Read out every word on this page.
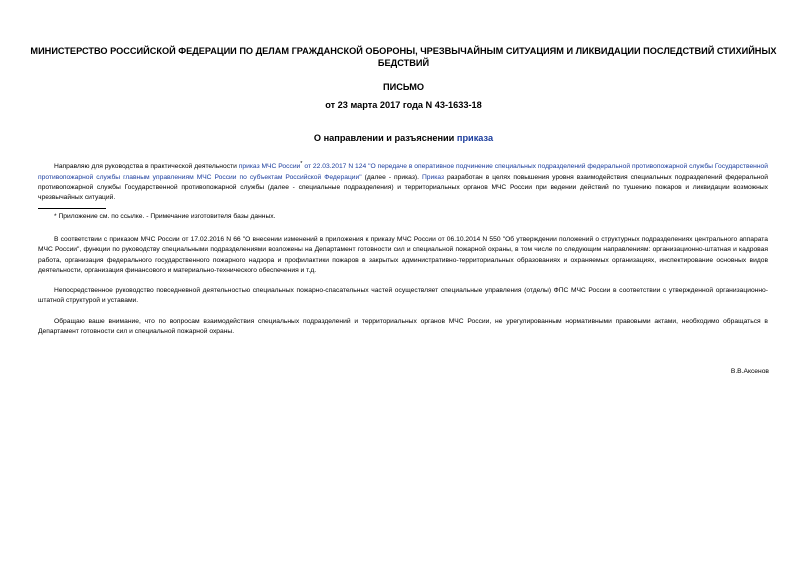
МИНИСТЕРСТВО РОССИЙСКОЙ ФЕДЕРАЦИИ ПО ДЕЛАМ ГРАЖДАНСКОЙ ОБОРОНЫ, ЧРЕЗВЫЧАЙНЫМ СИТУАЦИЯМ И ЛИКВИДАЦИИ ПОСЛЕДСТВИЙ СТИХИЙНЫХ БЕДСТВИЙ
ПИСЬМО
от 23 марта 2017 года N 43-1633-18
О направлении и разъяснении приказа

Направляю для руководства в практической деятельности приказ МЧС России* от 22.03.2017 N 124 "О передаче в оперативное подчинение специальных подразделений федеральной противопожарной службы Государственной противопожарной службы главным управлениям МЧС России по субъектам Российской Федерации" (далее - приказ). Приказ разработан в целях повышения уровня взаимодействия специальных подразделений федеральной противопожарной службы Государственной противопожарной службы (далее - специальные подразделения) и территориальных органов МЧС России при ведении действий по тушению пожаров и ликвидации возможных чрезвычайных ситуаций.

* Приложение см. по ссылке. - Примечание изготовителя базы данных.

В соответствии с приказом МЧС России от 17.02.2016 N 66 "О внесении изменений в приложения к приказу МЧС России от 06.10.2014 N 550 "Об утверждении положений о структурных подразделениях центрального аппарата МЧС России", функции по руководству специальными подразделениями возложены на Департамент готовности сил и специальной пожарной охраны, в том числе по следующим направлениям: организационно-штатная и кадровая работа, организация федерального государственного пожарного надзора и профилактики пожаров в закрытых административно-территориальных образованиях и охраняемых организациях, инспектирование основных видов деятельности, организация финансового и материально-технического обеспечения и т.д.

Непосредственное руководство повседневной деятельностью специальных пожарно-спасательных частей осуществляет специальные управления (отделы) ФПС МЧС России в соответствии с утвержденной организационно-штатной структурой и уставами.

Обращаю ваше внимание, что по вопросам взаимодействия специальных подразделений и территориальных органов МЧС России, не урегулированным нормативными правовыми актами, необходимо обращаться в Департамент готовности сил и специальной пожарной охраны.

В.В.Аксенов
